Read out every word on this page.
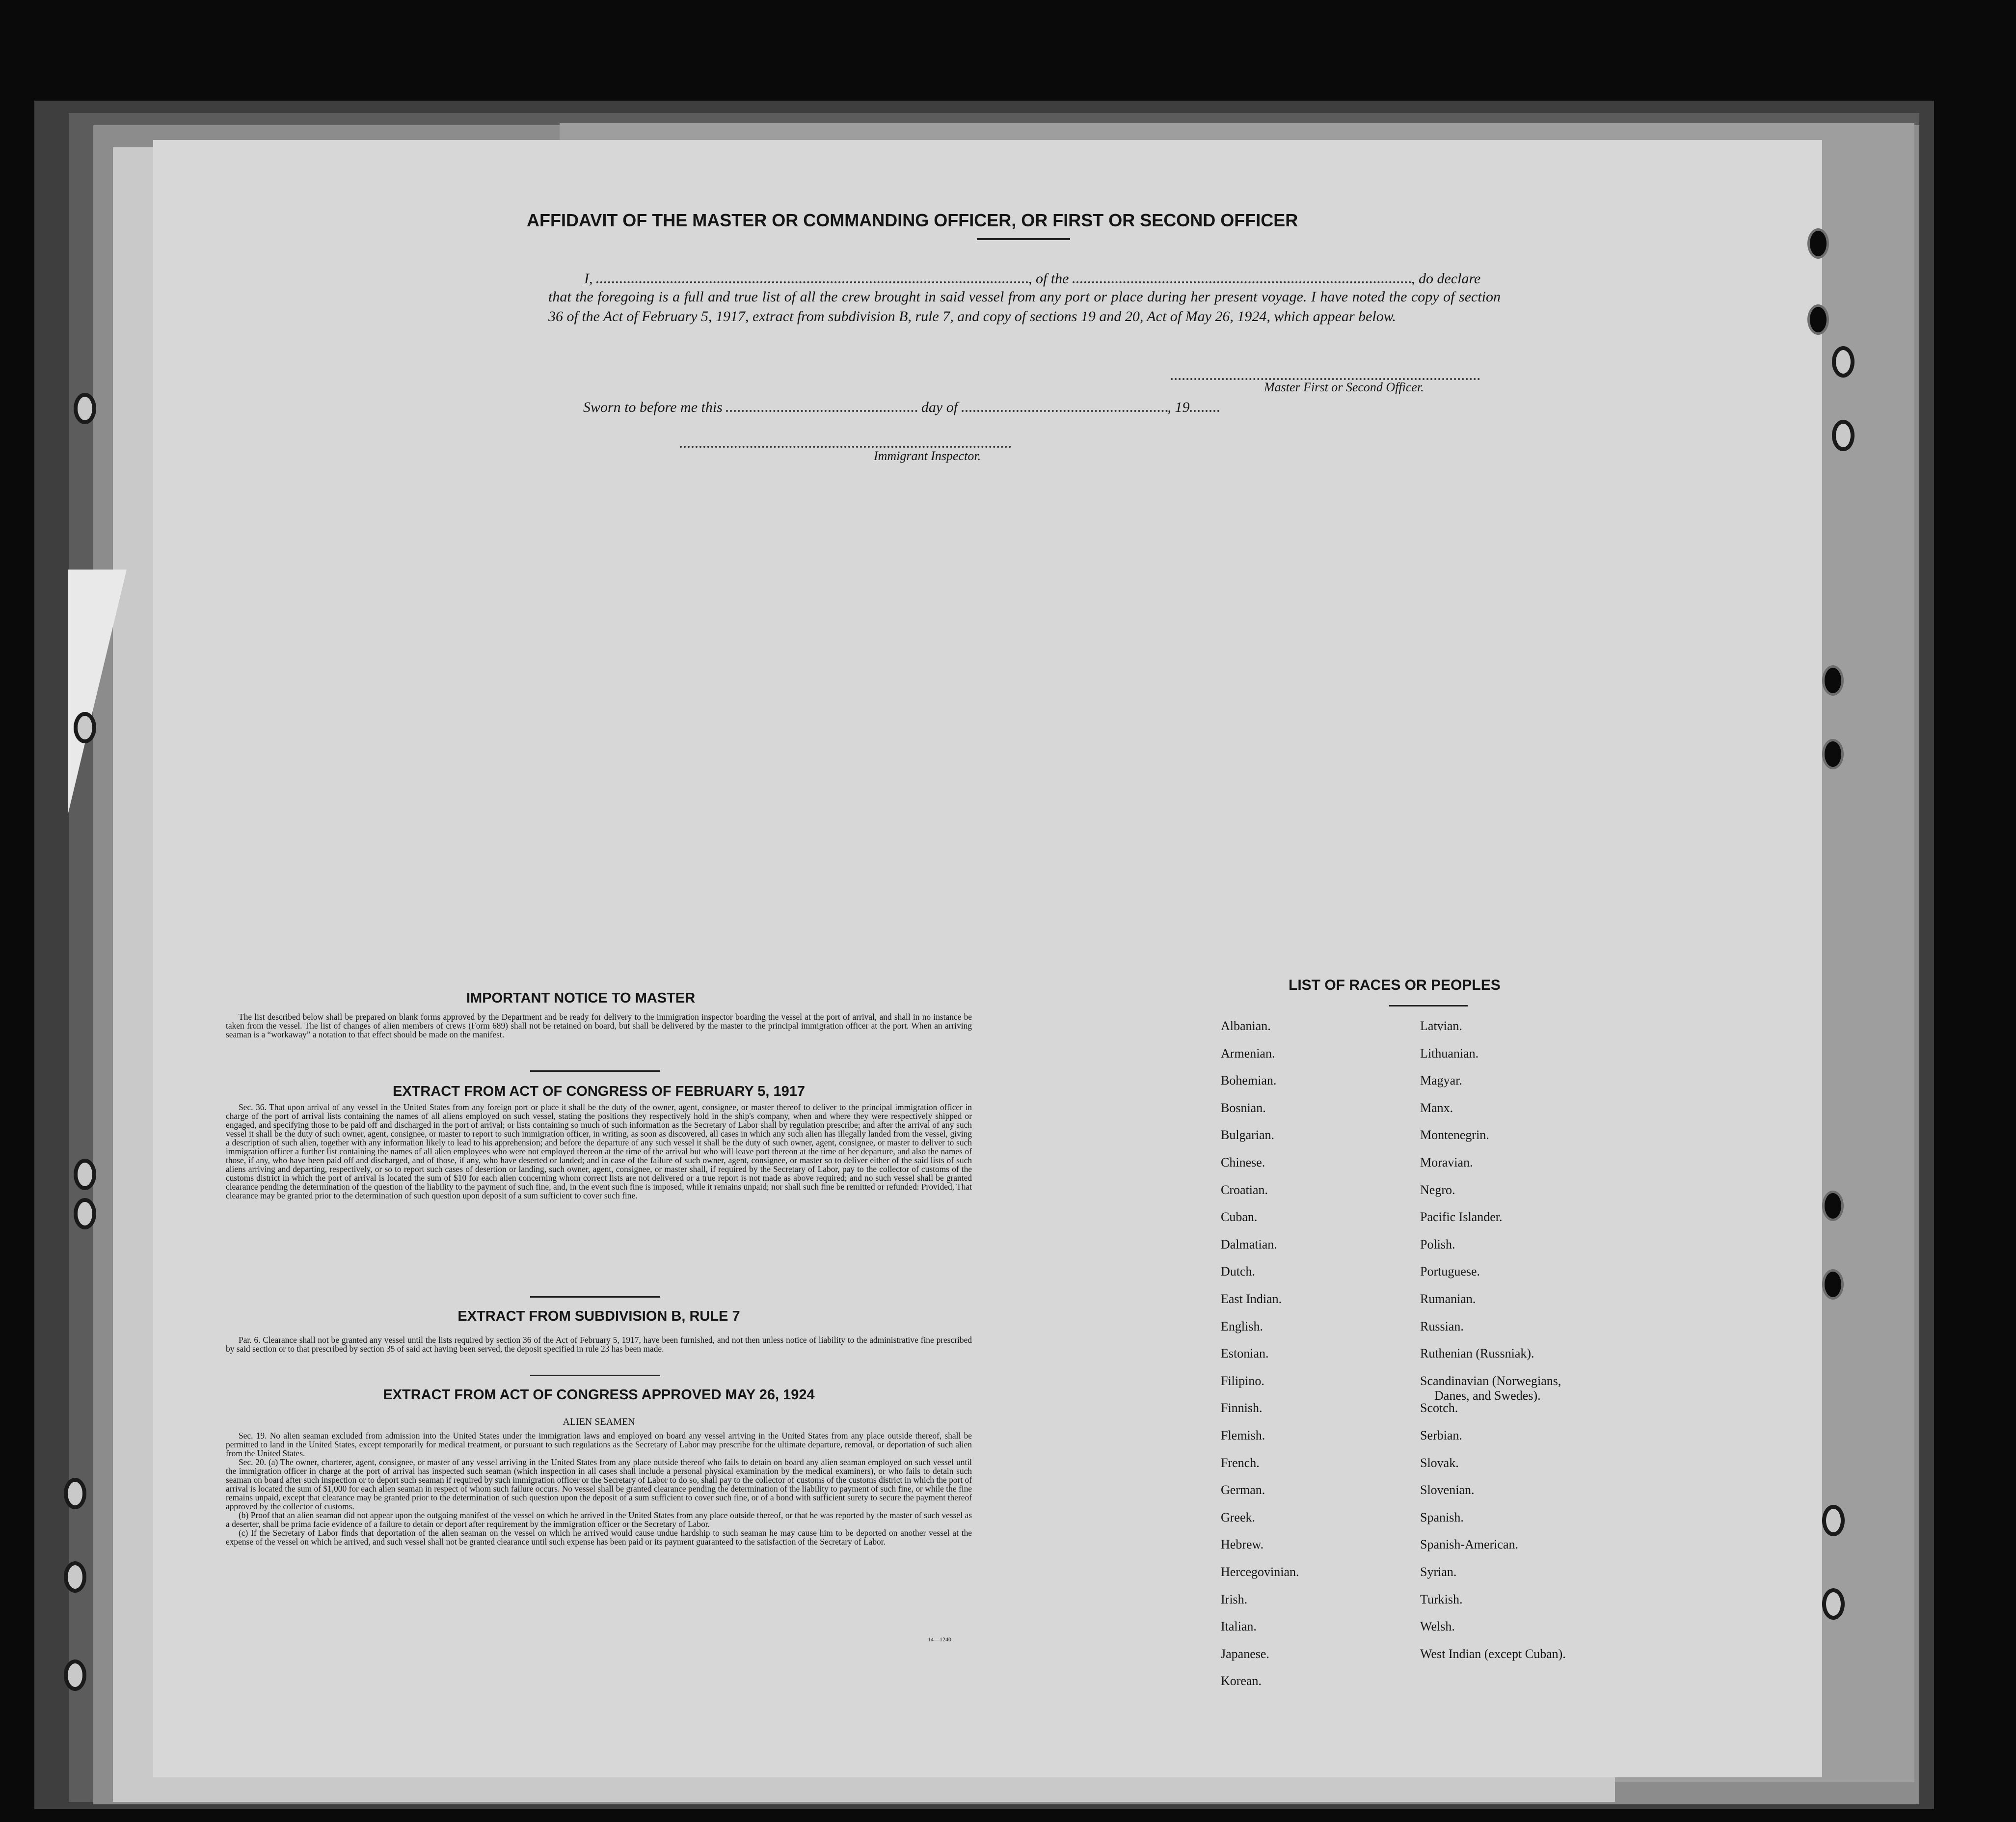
AFFIDAVIT OF THE MASTER OR COMMANDING OFFICER, OR FIRST OR SECOND OFFICER
I,	, of the	, do declare
that the foregoing is a full and true list of all the crew brought in said vessel from any port or place during her present voyage. I have noted the copy of section 36 of the Act of February 5, 1917, extract from subdivision B, rule 7, and copy of sections 19 and 20, Act of May 26, 1924, which appear below.
Master First or Second Officer.
Sworn to before me this	day of	, 19
Immigrant Inspector.
IMPORTANT NOTICE TO MASTER

The list described below shall be prepared on blank forms approved by the Department and be ready for delivery to the immigration inspector boarding the vessel at the port of arrival, and shall in no instance be taken from the vessel. The list of changes of alien members of crews (Form 689) shall not be retained on board, but shall be delivered by the master to the principal immigration officer at the port. When an arriving seaman is a “workaway” a notation to that effect should be made on the manifest.

EXTRACT FROM ACT OF CONGRESS OF FEBRUARY 5, 1917

Sec. 36. That upon arrival of any vessel in the United States from any foreign port or place it shall be the duty of the owner, agent, consignee, or master thereof to deliver to the principal immigration officer in charge of the port of arrival lists containing the names of all aliens employed on such vessel, stating the positions they respectively hold in the ship's company, when and where they were respectively shipped or engaged, and specifying those to be paid off and discharged in the port of arrival; or lists containing so much of such information as the Secretary of Labor shall by regulation prescribe; and after the arrival of any such vessel it shall be the duty of such owner, agent, consignee, or master to report to such immigration officer, in writing, as soon as discovered, all cases in which any such alien has illegally landed from the vessel, giving a description of such alien, together with any information likely to lead to his apprehension; and before the departure of any such vessel it shall be the duty of such owner, agent, consignee, or master to deliver to such immigration officer a further list containing the names of all alien employees who were not employed thereon at the time of the arrival but who will leave port thereon at the time of her departure, and also the names of those, if any, who have been paid off and discharged, and of those, if any, who have deserted or landed; and in case of the failure of such owner, agent, consignee, or master so to deliver either of the said lists of such aliens arriving and departing, respectively, or so to report such cases of desertion or landing, such owner, agent, consignee, or master shall, if required by the Secretary of Labor, pay to the collector of customs of the customs district in which the port of arrival is located the sum of $10 for each alien concerning whom correct lists are not delivered or a true report is not made as above required; and no such vessel shall be granted clearance pending the determination of the question of the liability to the payment of such fine, and, in the event such fine is imposed, while it remains unpaid; nor shall such fine be remitted or refunded: Provided, That clearance may be granted prior to the determination of such question upon deposit of a sum sufficient to cover such fine.

EXTRACT FROM SUBDIVISION B, RULE 7

Par. 6. Clearance shall not be granted any vessel until the lists required by section 36 of the Act of February 5, 1917, have been furnished, and not then unless notice of liability to the administrative fine prescribed by said section or to that prescribed by section 35 of said act having been served, the deposit specified in rule 23 has been made.

EXTRACT FROM ACT OF CONGRESS APPROVED MAY 26, 1924
ALIEN SEAMEN

Sec. 19. No alien seaman excluded from admission into the United States under the immigration laws and employed on board any vessel arriving in the United States from any place outside thereof, shall be permitted to land in the United States, except temporarily for medical treatment, or pursuant to such regulations as the Secretary of Labor may prescribe for the ultimate departure, removal, or deportation of such alien from the United States.

Sec. 20. (a) The owner, charterer, agent, consignee, or master of any vessel arriving in the United States from any place outside thereof who fails to detain on board any alien seaman employed on such vessel until the immigration officer in charge at the port of arrival has inspected such seaman (which inspection in all cases shall include a personal physical examination by the medical examiners), or who fails to detain such seaman on board after such inspection or to deport such seaman if required by such immigration officer or the Secretary of Labor to do so, shall pay to the collector of customs of the customs district in which the port of arrival is located the sum of $1,000 for each alien seaman in respect of whom such failure occurs. No vessel shall be granted clearance pending the determination of the liability to payment of such fine, or while the fine remains unpaid, except that clearance may be granted prior to the determination of such question upon the deposit of a sum sufficient to cover such fine, or of a bond with sufficient surety to secure the payment thereof approved by the collector of customs.

(b) Proof that an alien seaman did not appear upon the outgoing manifest of the vessel on which he arrived in the United States from any place outside thereof, or that he was reported by the master of such vessel as a deserter, shall be prima facie evidence of a failure to detain or deport after requirement by the immigration officer or the Secretary of Labor.

(c) If the Secretary of Labor finds that deportation of the alien seaman on the vessel on which he arrived would cause undue hardship to such seaman he may cause him to be deported on another vessel at the expense of the vessel on which he arrived, and such vessel shall not be granted clearance until such expense has been paid or its payment guaranteed to the satisfaction of the Secretary of Labor.

14—1240
LIST OF RACES OR PEOPLES
Albanian.
Armenian.
Bohemian.
Bosnian.
Bulgarian.
Chinese.
Croatian.
Cuban.
Dalmatian.
Dutch.
East Indian.
English.
Estonian.
Filipino.
Finnish.
Flemish.
French.
German.
Greek.
Hebrew.
Hercegovinian.
Irish.
Italian.
Japanese.
Korean.
Latvian.
Lithuanian.
Magyar.
Manx.
Montenegrin.
Moravian.
Negro.
Pacific Islander.
Polish.
Portuguese.
Rumanian.
Russian.
Ruthenian (Russniak).
Scandinavian (Norwegians,
Danes, and Swedes).
Scotch.
Serbian.
Slovak.
Slovenian.
Spanish.
Spanish-American.
Syrian.
Turkish.
Welsh.
West Indian (except Cuban).
